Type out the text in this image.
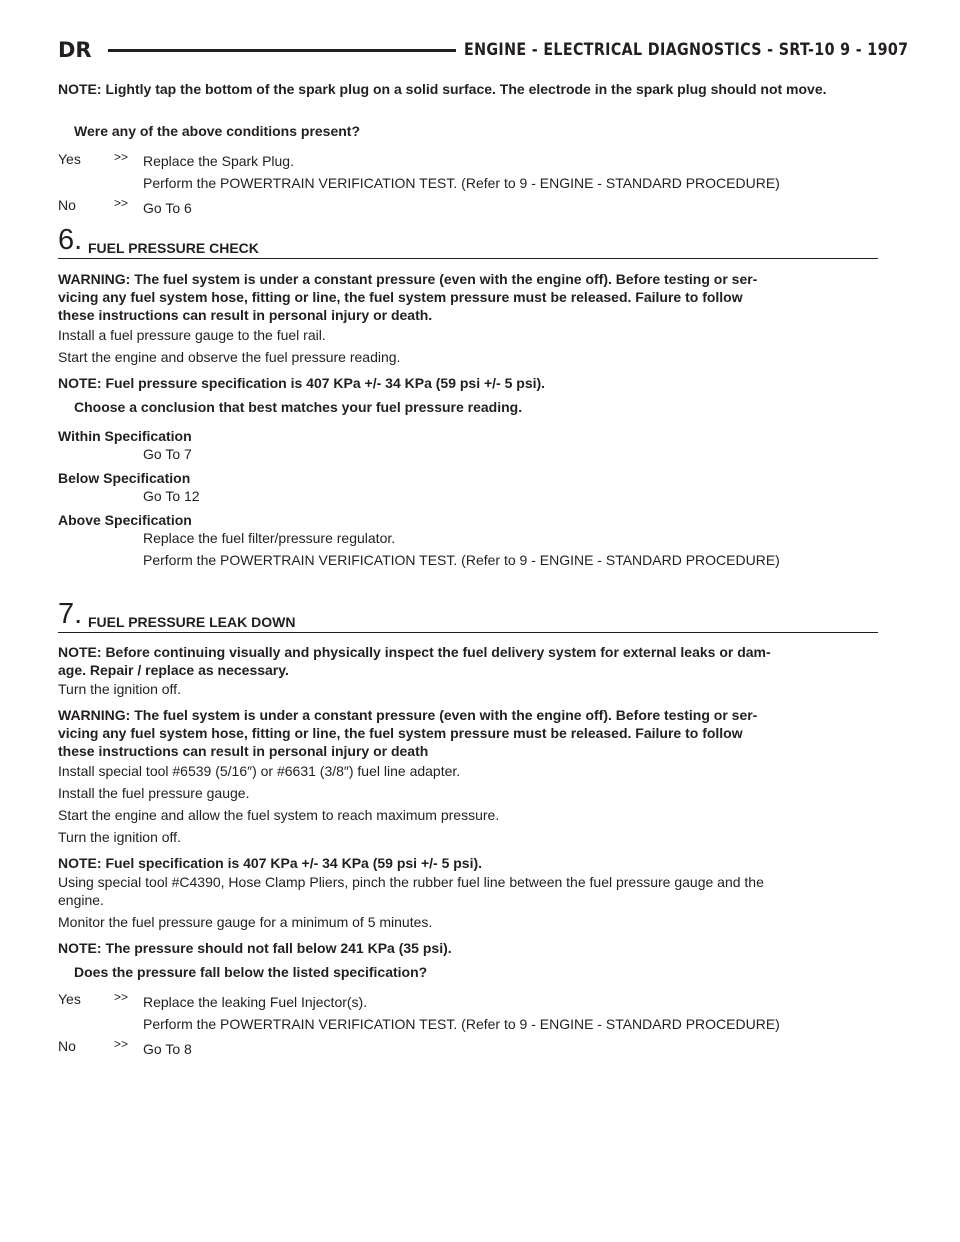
DR	ENGINE - ELECTRICAL DIAGNOSTICS - SRT-10 9 - 1907

NOTE: Lightly tap the bottom of the spark plug on a solid surface. The electrode in the spark plug should not move.

Were any of the above conditions present?

Yes	>> Replace the Spark Plug.

Perform the POWERTRAIN VERIFICATION TEST. (Refer to 9 - ENGINE - STANDARD PROCEDURE)

No	>> Go To 6

6. FUEL PRESSURE CHECK
WARNING: The fuel system is under a constant pressure (even with the engine off). Before testing or ser-
vicing any fuel system hose, fitting or line, the fuel system pressure must be released. Failure to follow
these instructions can result in personal injury or death.

Install a fuel pressure gauge to the fuel rail.

Start the engine and observe the fuel pressure reading.

NOTE: Fuel pressure specification is 407 KPa +/- 34 KPa (59 psi +/- 5 psi).

Choose a conclusion that best matches your fuel pressure reading.

Within Specification

Go To 7

Below Specification

Go To 12

Above Specification

Replace the fuel filter/pressure regulator.

Perform the POWERTRAIN VERIFICATION TEST. (Refer to 9 - ENGINE - STANDARD PROCEDURE)

7. FUEL PRESSURE LEAK DOWN
NOTE: Before continuing visually and physically inspect the fuel delivery system for external leaks or dam-
age. Repair / replace as necessary.

Turn the ignition off.

WARNING: The fuel system is under a constant pressure (even with the engine off). Before testing or ser-
vicing any fuel system hose, fitting or line, the fuel system pressure must be released. Failure to follow
these instructions can result in personal injury or death

Install special tool #6539 (5/16″) or #6631 (3/8″) fuel line adapter.

Install the fuel pressure gauge.

Start the engine and allow the fuel system to reach maximum pressure.

Turn the ignition off.

NOTE: Fuel specification is 407 KPa +/- 34 KPa (59 psi +/- 5 psi).

Using special tool #C4390, Hose Clamp Pliers, pinch the rubber fuel line between the fuel pressure gauge and the
engine.

Monitor the fuel pressure gauge for a minimum of 5 minutes.

NOTE: The pressure should not fall below 241 KPa (35 psi).

Does the pressure fall below the listed specification?

Yes	>> Replace the leaking Fuel Injector(s).

Perform the POWERTRAIN VERIFICATION TEST. (Refer to 9 - ENGINE - STANDARD PROCEDURE)

No	>> Go To 8
